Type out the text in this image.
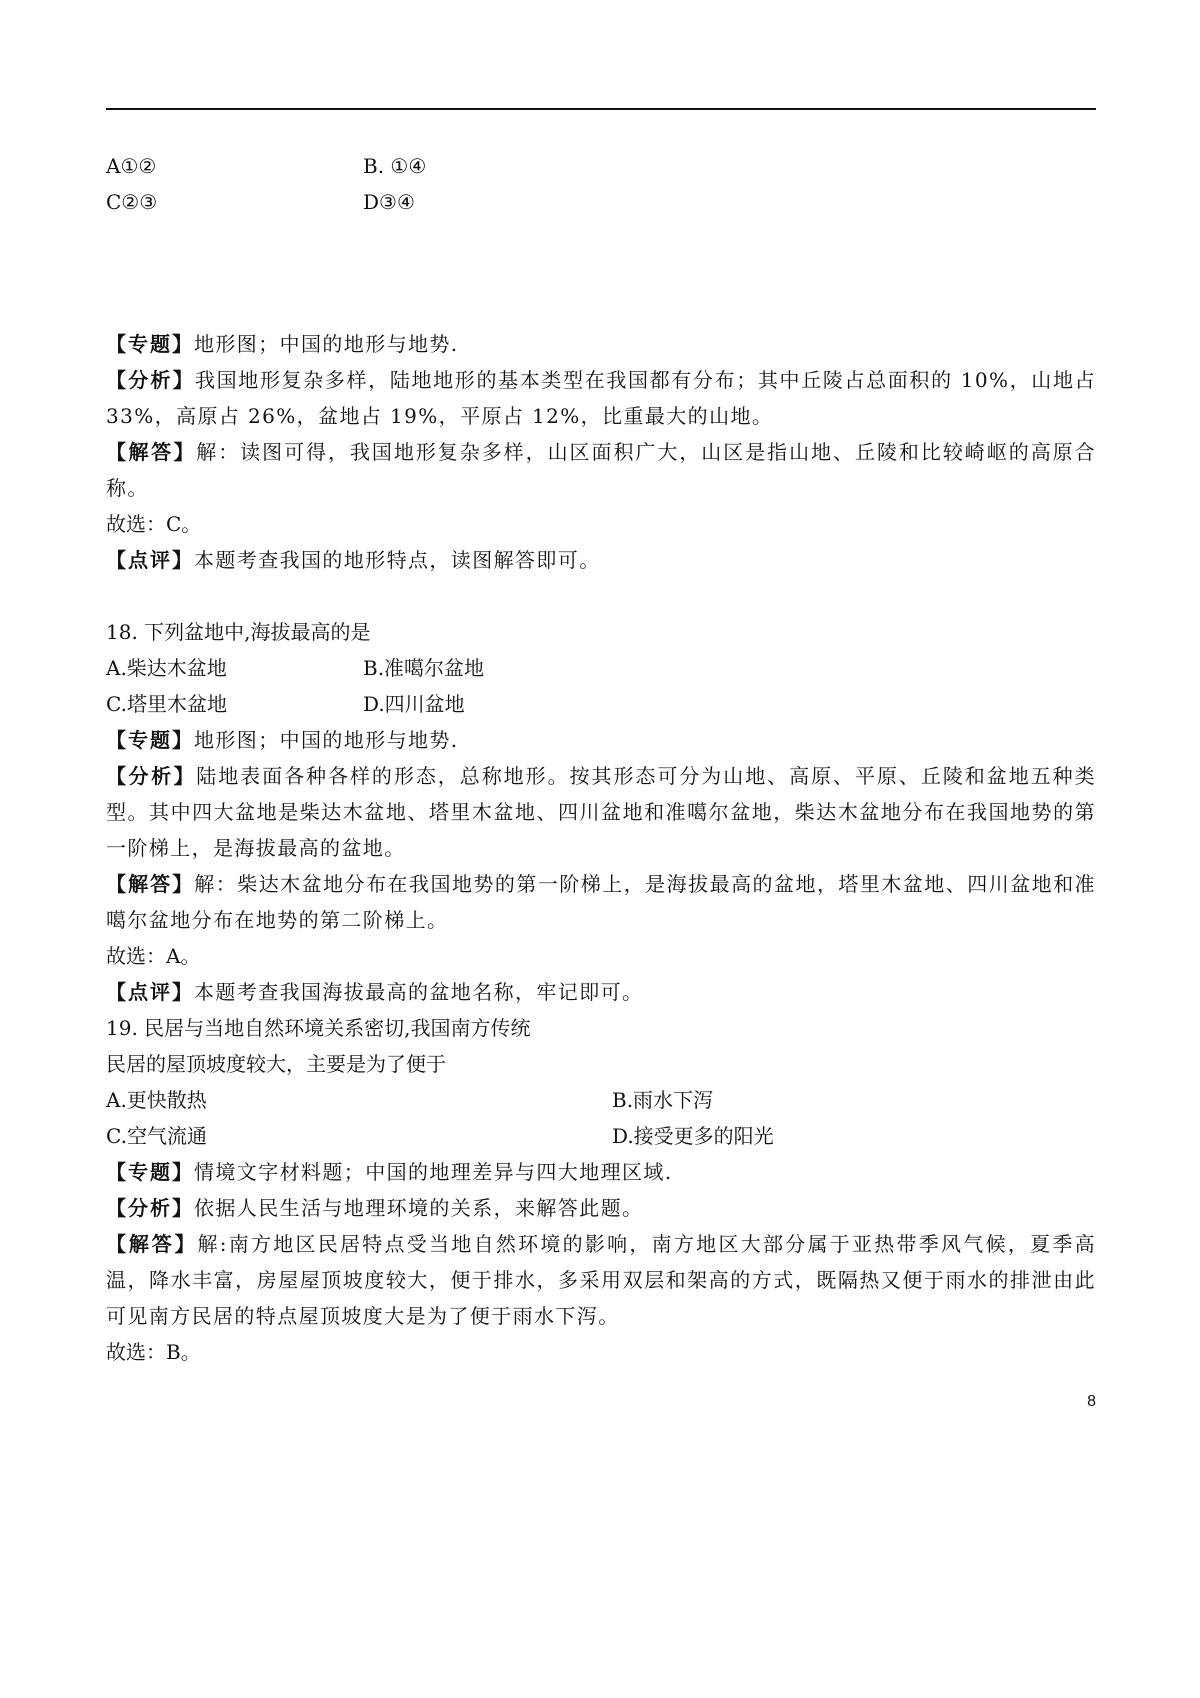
A①②	B. ①④
C②③	D③④
【专题】地形图；中国的地形与地势.
【分析】我国地形复杂多样，陆地地形的基本类型在我国都有分布；其中丘陵占总面积的 10%，山地占 33%，高原占 26%，盆地占 19%，平原占 12%，比重最大的山地。
【解答】解：读图可得，我国地形复杂多样，山区面积广大，山区是指山地、丘陵和比较崎岖的高原合称。
故选：C。
【点评】本题考查我国的地形特点，读图解答即可。
18. 下列盆地中,海拔最高的是
A.柴达木盆地	B.准噶尔盆地
C.塔里木盆地	D.四川盆地
【专题】地形图；中国的地形与地势.
【分析】陆地表面各种各样的形态，总称地形。按其形态可分为山地、高原、平原、丘陵和盆地五种类型。其中四大盆地是柴达木盆地、塔里木盆地、四川盆地和准噶尔盆地，柴达木盆地分布在我国地势的第一阶梯上，是海拔最高的盆地。
【解答】解：柴达木盆地分布在我国地势的第一阶梯上，是海拔最高的盆地，塔里木盆地、四川盆地和准噶尔盆地分布在地势的第二阶梯上。
故选：A。
【点评】本题考查我国海拔最高的盆地名称，牢记即可。
19. 民居与当地自然环境关系密切,我国南方传统
民居的屋顶坡度较大，主要是为了便于
A.更快散热	B.雨水下泻
C.空气流通	D.接受更多的阳光
【专题】情境文字材料题；中国的地理差异与四大地理区域.
【分析】依据人民生活与地理环境的关系，来解答此题。
【解答】解:南方地区民居特点受当地自然环境的影响，南方地区大部分属于亚热带季风气候，夏季高温，降水丰富，房屋屋顶坡度较大，便于排水，多采用双层和架高的方式，既隔热又便于雨水的排泄由此可见南方民居的特点屋顶坡度大是为了便于雨水下泻。
故选：B。
8
